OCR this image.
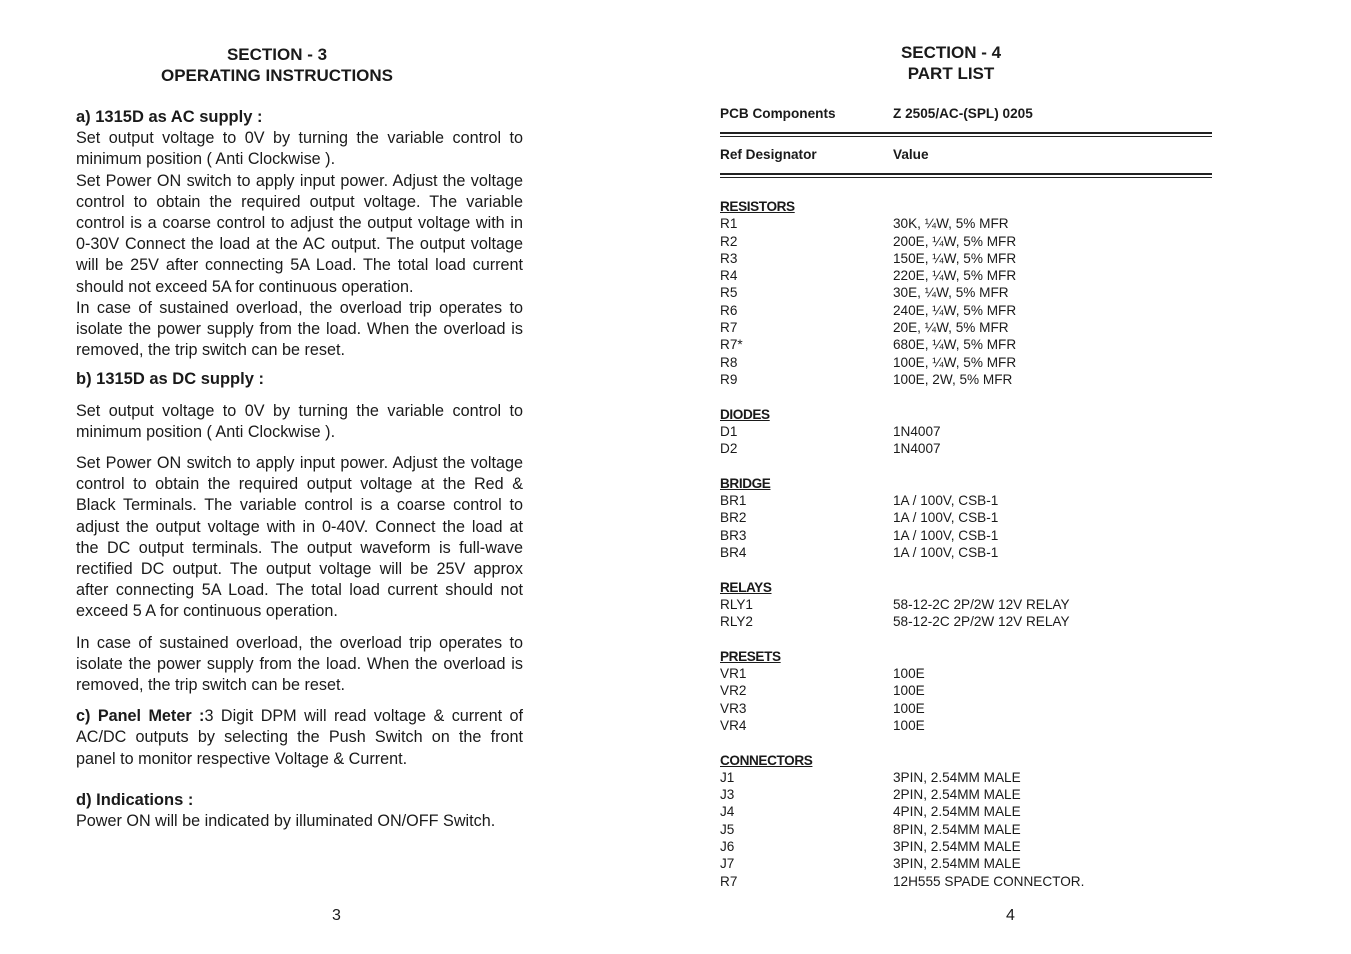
SECTION - 3
OPERATING INSTRUCTIONS

a) 1315D as AC supply :

Set output voltage to 0V by turning the variable control to minimum position ( Anti Clockwise ).

Set Power ON switch to apply input power. Adjust the voltage control to obtain the required output voltage. The variable control is a coarse control to adjust the output voltage with in 0-30V Connect the load at the AC output. The output voltage will be 25V after connecting 5A Load. The total load current should not exceed 5A for continuous operation.

In case of sustained overload, the overload trip operates to isolate the power supply from the load. When the overload is removed, the trip switch can be reset.

b) 1315D as DC supply :

Set output voltage to 0V by turning the variable control to minimum position ( Anti Clockwise ).

Set Power ON switch to apply input power. Adjust the voltage control to obtain the required output voltage at the Red & Black Terminals. The variable control is a coarse control to adjust the output voltage with in 0-40V. Connect the load at the DC output terminals. The output waveform is full-wave rectified DC output. The output voltage will be 25V approx after connecting 5A Load. The total load current should not exceed 5 A for continuous operation.

In case of sustained overload, the overload trip operates to isolate the power supply from the load. When the overload is removed, the trip switch can be reset.

c) Panel Meter :3 Digit DPM will read voltage & current of AC/DC outputs by selecting the Push Switch on the front panel to monitor respective Voltage & Current.

d) Indications :

Power ON will be indicated by illuminated ON/OFF Switch.

3
SECTION - 4
PART LIST
PCB Components	Z 2505/AC-(SPL) 0205
Ref Designator	Value
RESISTORS
R1	30K, ¼W, 5% MFR
R2	200E, ¼W, 5% MFR
R3	150E, ¼W, 5% MFR
R4	220E, ¼W, 5% MFR
R5	30E, ¼W, 5% MFR
R6	240E, ¼W, 5% MFR
R7	20E, ¼W, 5% MFR
R7*	680E, ¼W, 5% MFR
R8	100E, ¼W, 5% MFR
R9	100E, 2W, 5% MFR
DIODES
D1	1N4007
D2	1N4007
BRIDGE
BR1	1A / 100V, CSB-1
BR2	1A / 100V, CSB-1
BR3	1A / 100V, CSB-1
BR4	1A / 100V, CSB-1
RELAYS
RLY1	58-12-2C 2P/2W 12V RELAY
RLY2	58-12-2C 2P/2W 12V RELAY
PRESETS
VR1	100E
VR2	100E
VR3	100E
VR4	100E
CONNECTORS
J1	3PIN, 2.54MM MALE
J3	2PIN, 2.54MM MALE
J4	4PIN, 2.54MM MALE
J5	8PIN, 2.54MM MALE
J6	3PIN, 2.54MM MALE
J7	3PIN, 2.54MM MALE
R7	12H555 SPADE CONNECTOR.
4
